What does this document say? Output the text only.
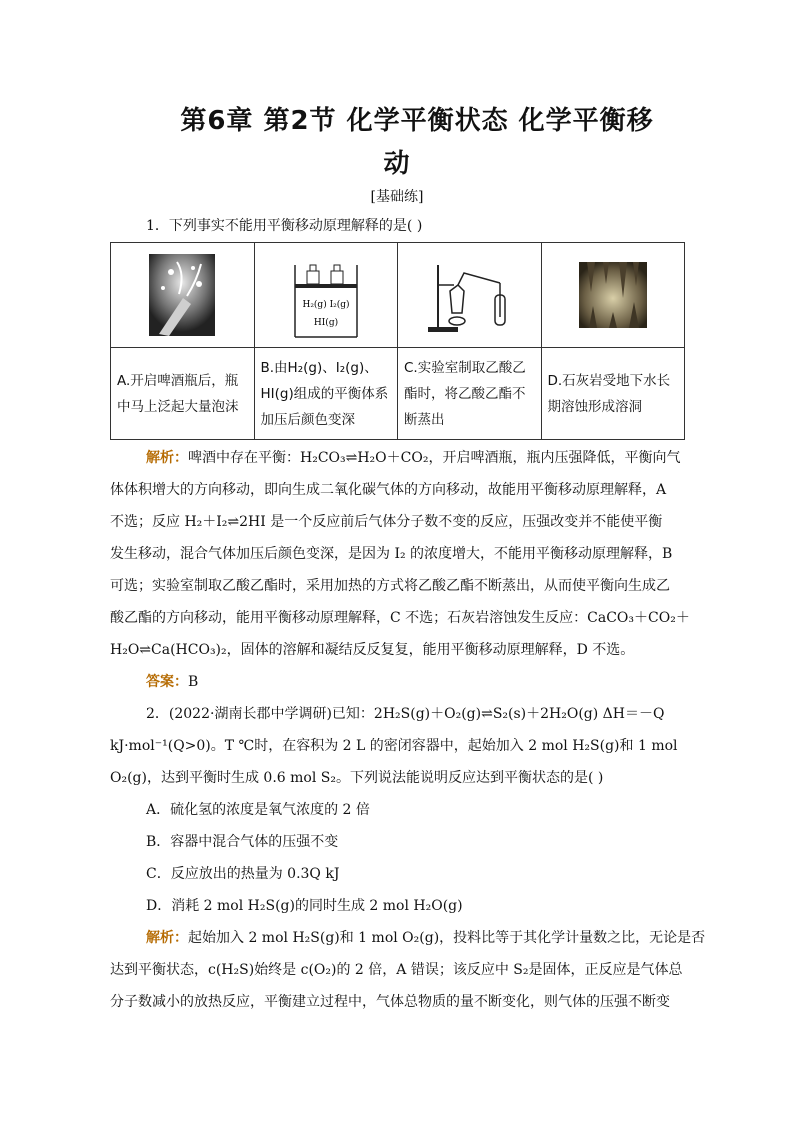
第6章 第2节 化学平衡状态 化学平衡移
动
[基础练]
1．下列事实不能用平衡移动原理解释的是( )

H₂(g) I₂(g)
HI(g)

A.开启啤酒瓶后，瓶中马上泛起大量泡沫	B.由H₂(g)、I₂(g)、HI(g)组成的平衡体系加压后颜色变深	C.实验室制取乙酸乙酯时，将乙酸乙酯不断蒸出	D.石灰岩受地下水长期溶蚀形成溶洞
解析：啤酒中存在平衡：H₂CO₃⇌H₂O＋CO₂，开启啤酒瓶，瓶内压强降低，平衡向气
体体积增大的方向移动，即向生成二氧化碳气体的方向移动，故能用平衡移动原理解释，A
不选；反应 H₂＋I₂⇌2HI 是一个反应前后气体分子数不变的反应，压强改变并不能使平衡
发生移动，混合气体加压后颜色变深，是因为 I₂ 的浓度增大，不能用平衡移动原理解释，B
可选；实验室制取乙酸乙酯时，采用加热的方式将乙酸乙酯不断蒸出，从而使平衡向生成乙
酸乙酯的方向移动，能用平衡移动原理解释，C 不选；石灰岩溶蚀发生反应：CaCO₃＋CO₂＋
H₂O⇌Ca(HCO₃)₂，固体的溶解和凝结反反复复，能用平衡移动原理解释，D 不选。
答案：B
2．(2022·湖南长郡中学调研)已知：2H₂S(g)＋O₂(g)⇌S₂(s)＋2H₂O(g) ΔH＝－Q
kJ·mol⁻¹(Q>0)。T ℃时，在容积为 2 L 的密闭容器中，起始加入 2 mol H₂S(g)和 1 mol
O₂(g)，达到平衡时生成 0.6 mol S₂。下列说法能说明反应达到平衡状态的是( )
A．硫化氢的浓度是氧气浓度的 2 倍
B．容器中混合气体的压强不变
C．反应放出的热量为 0.3Q kJ
D．消耗 2 mol H₂S(g)的同时生成 2 mol H₂O(g)
解析：起始加入 2 mol H₂S(g)和 1 mol O₂(g)，投料比等于其化学计量数之比，无论是否
达到平衡状态，c(H₂S)始终是 c(O₂)的 2 倍，A 错误；该反应中 S₂是固体，正反应是气体总
分子数减小的放热反应，平衡建立过程中，气体总物质的量不断变化，则气体的压强不断变
